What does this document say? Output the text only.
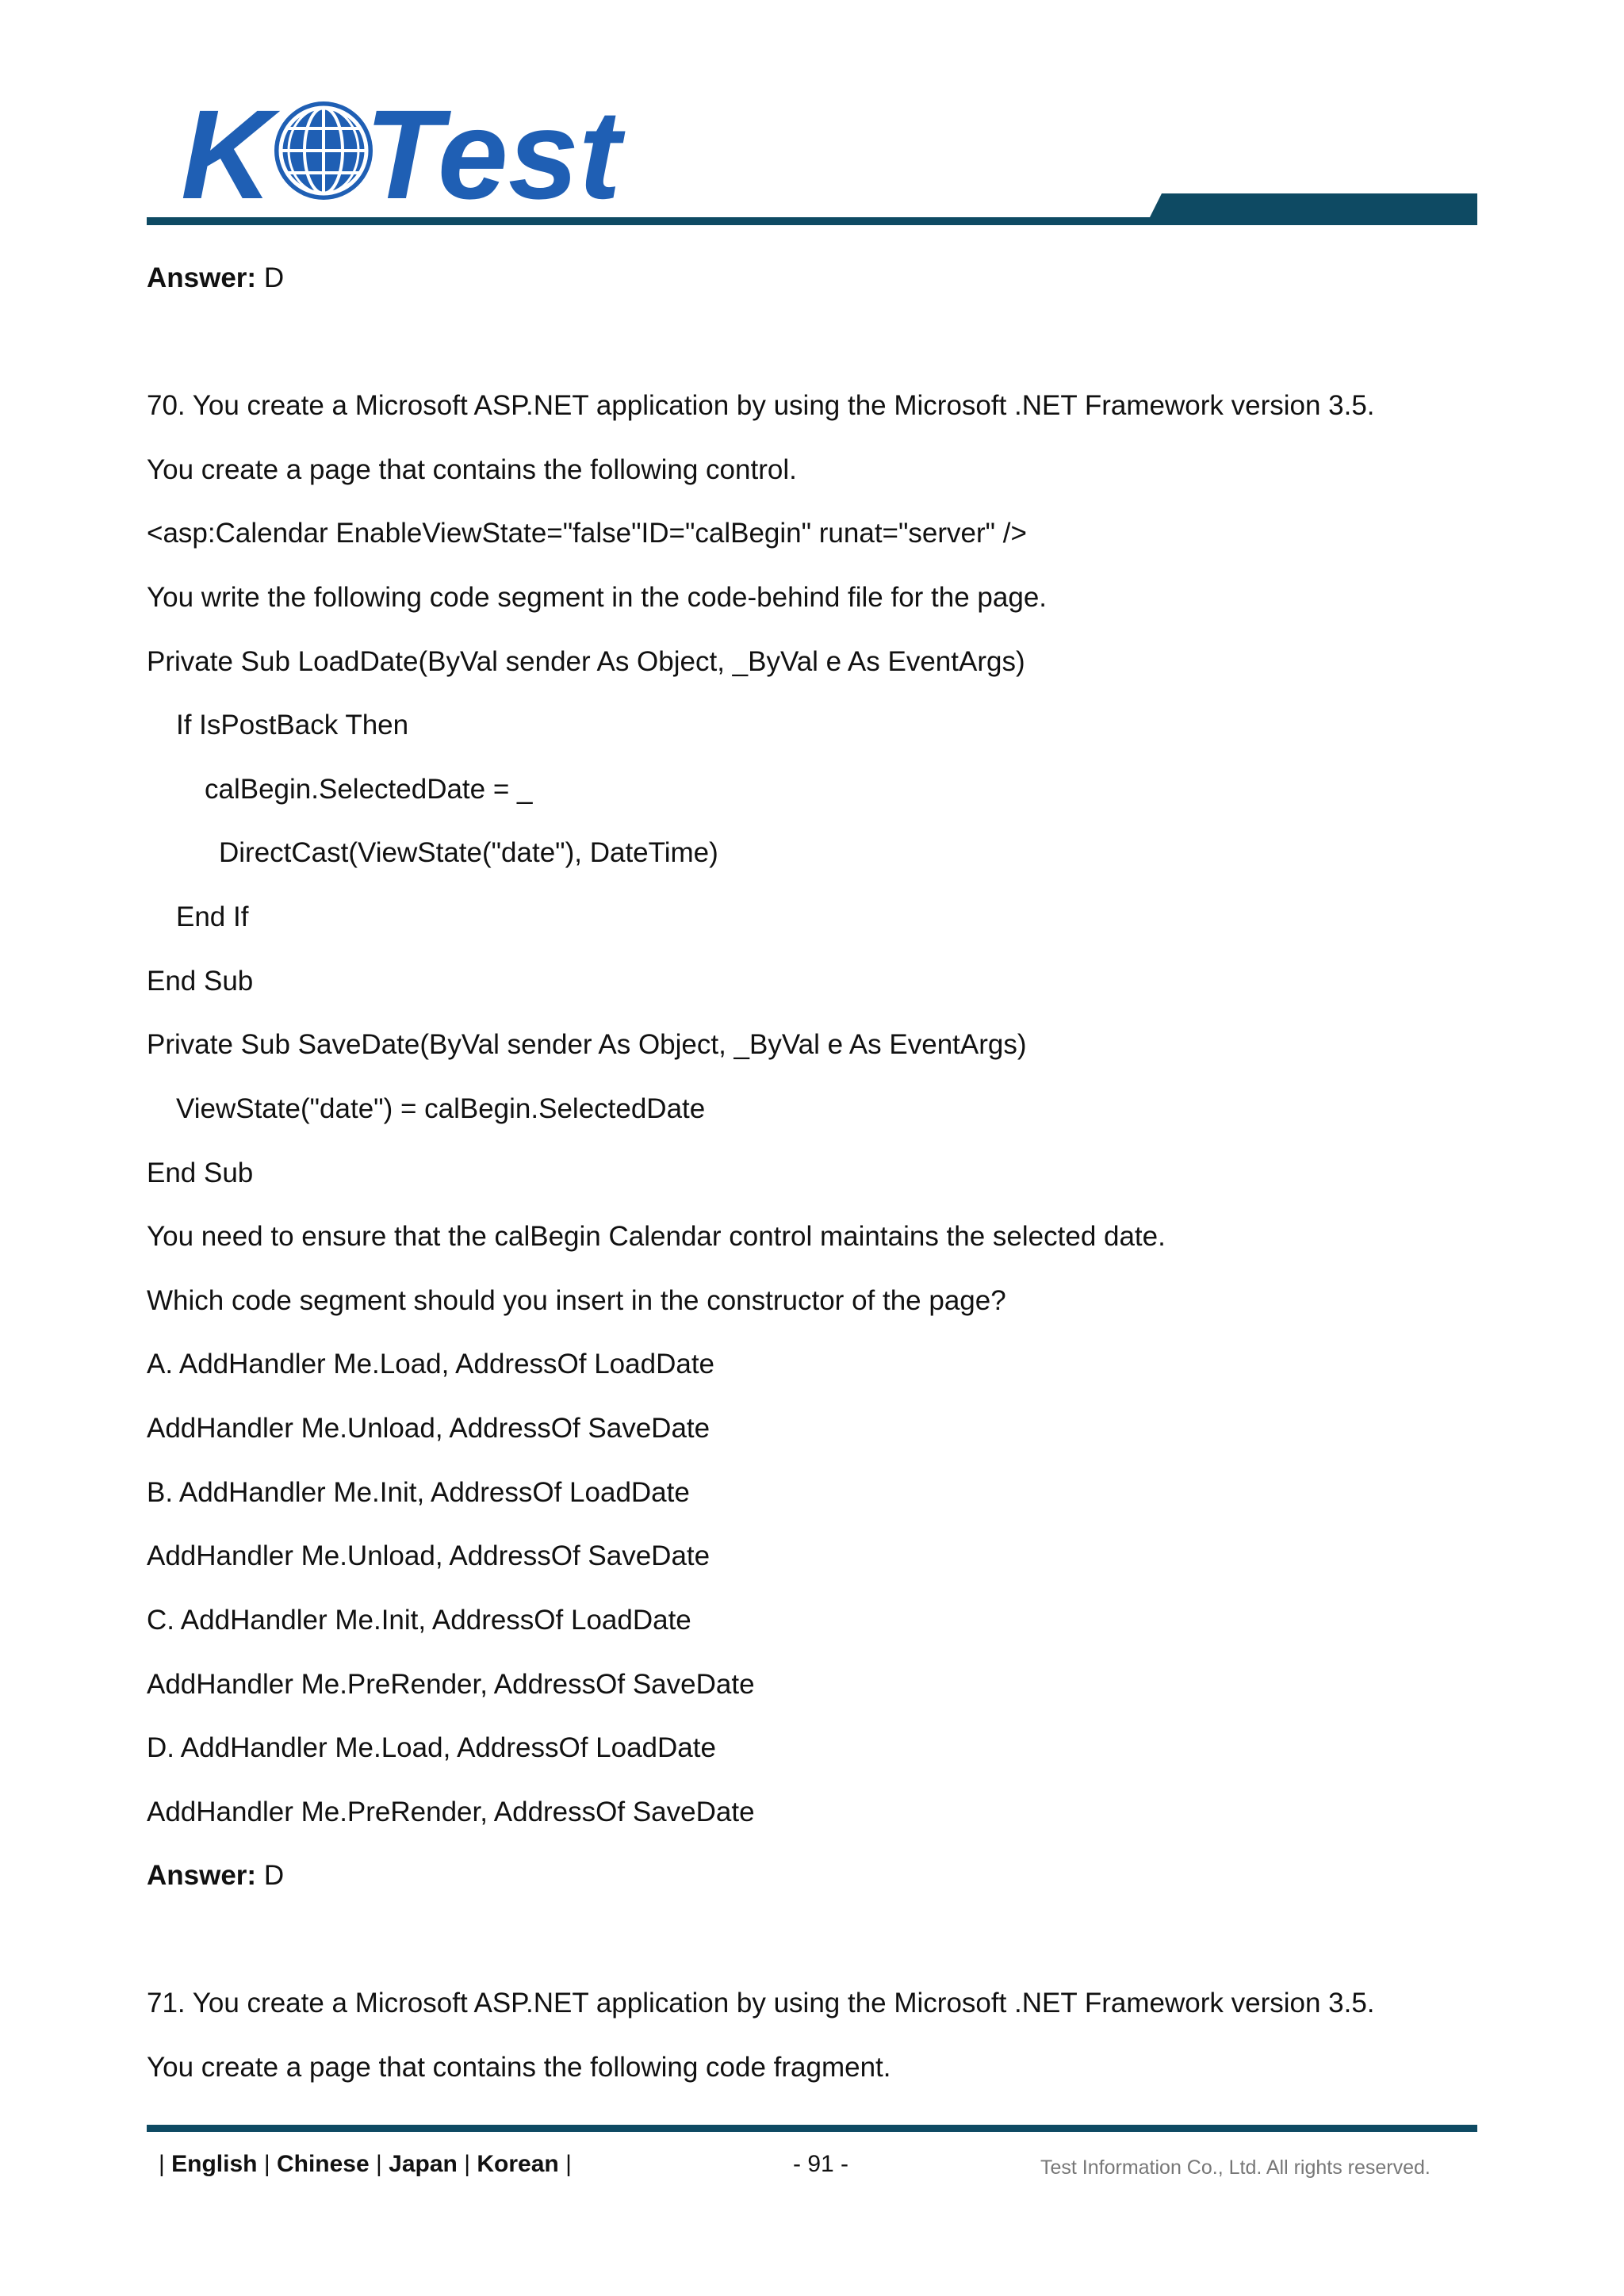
K Test
Answer: D
70. You create a Microsoft ASP.NET application by using the Microsoft .NET Framework version 3.5.
You create a page that contains the following control.
<asp:Calendar EnableViewState="false"ID="calBegin" runat="server" />
You write the following code segment in the code-behind file for the page.
Private Sub LoadDate(ByVal sender As Object, _ByVal e As EventArgs)
If IsPostBack Then
calBegin.SelectedDate = _
DirectCast(ViewState("date"), DateTime)
End If
End Sub
Private Sub SaveDate(ByVal sender As Object, _ByVal e As EventArgs)
ViewState("date") = calBegin.SelectedDate
End Sub
You need to ensure that the calBegin Calendar control maintains the selected date.
Which code segment should you insert in the constructor of the page?
A. AddHandler Me.Load, AddressOf LoadDate
AddHandler Me.Unload, AddressOf SaveDate
B. AddHandler Me.Init, AddressOf LoadDate
AddHandler Me.Unload, AddressOf SaveDate
C. AddHandler Me.Init, AddressOf LoadDate
AddHandler Me.PreRender, AddressOf SaveDate
D. AddHandler Me.Load, AddressOf LoadDate
AddHandler Me.PreRender, AddressOf SaveDate
Answer: D
71. You create a Microsoft ASP.NET application by using the Microsoft .NET Framework version 3.5.
You create a page that contains the following code fragment.
| English | Chinese | Japan | Korean |	- 91 -	Test Information Co., Ltd. All rights reserved.
